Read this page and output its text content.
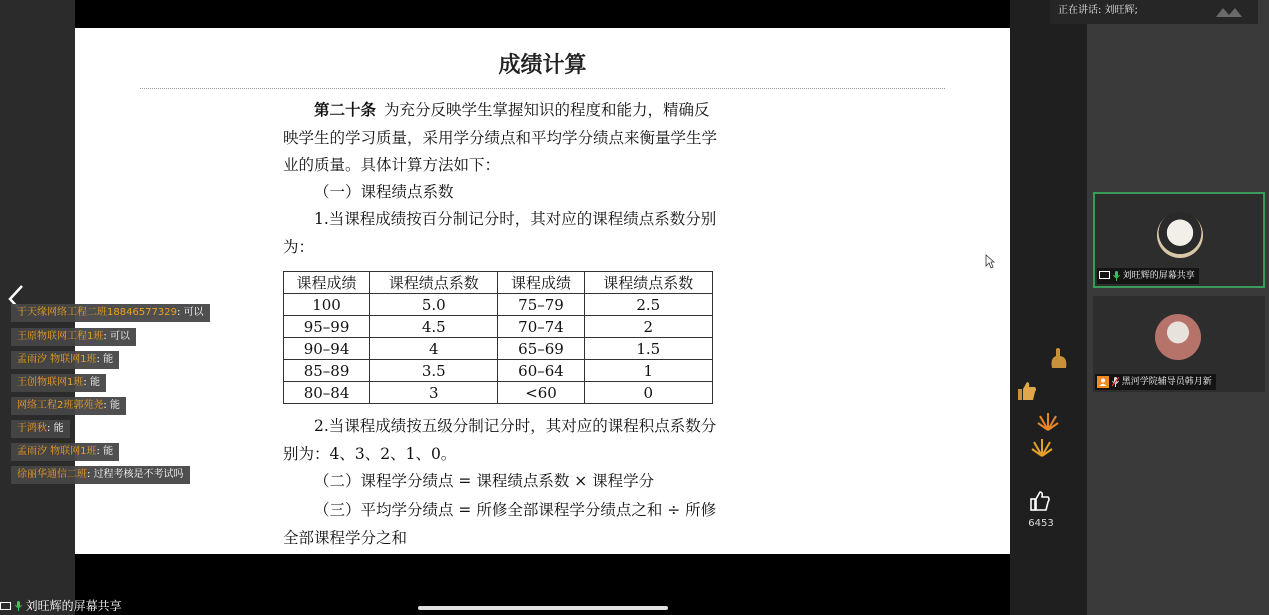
成绩计算
第二十条 为充分反映学生掌握知识的程度和能力，精确反映学生的学习质量，采用学分绩点和平均学分绩点来衡量学生学业的质量。具体计算方法如下：
（一）课程绩点系数
1.当课程成绩按百分制记分时，其对应的课程绩点系数分别为：
课程成绩	课程绩点系数	课程成绩	课程绩点系数
100	5.0	75–79	2.5
95–99	4.5	70–74	2
90–94	4	65–69	1.5
85–89	3.5	60–64	1
80–84	3	<60	0
2.当课程成绩按五级分制记分时，其对应的课程积点系数分别为：4、3、2、1、0。
（二）课程学分绩点 = 课程绩点系数 × 课程学分
（三）平均学分绩点 = 所修全部课程学分绩点之和 ÷ 所修全部课程学分之和
正在讲话: 刘旺辉;
刘旺辉的屏幕共享
黑河学院辅导员韩月新
于天缘网络工程二班18846577329: 可以
王原物联网工程1班: 可以
孟雨汐 物联网1班: 能
王创物联网1班: 能
网络工程2班郭苑尧: 能
于鸿秋: 能
孟雨汐 物联网1班: 能
徐丽华通信二班: 过程考核是不考试吗
6453
刘旺辉的屏幕共享
